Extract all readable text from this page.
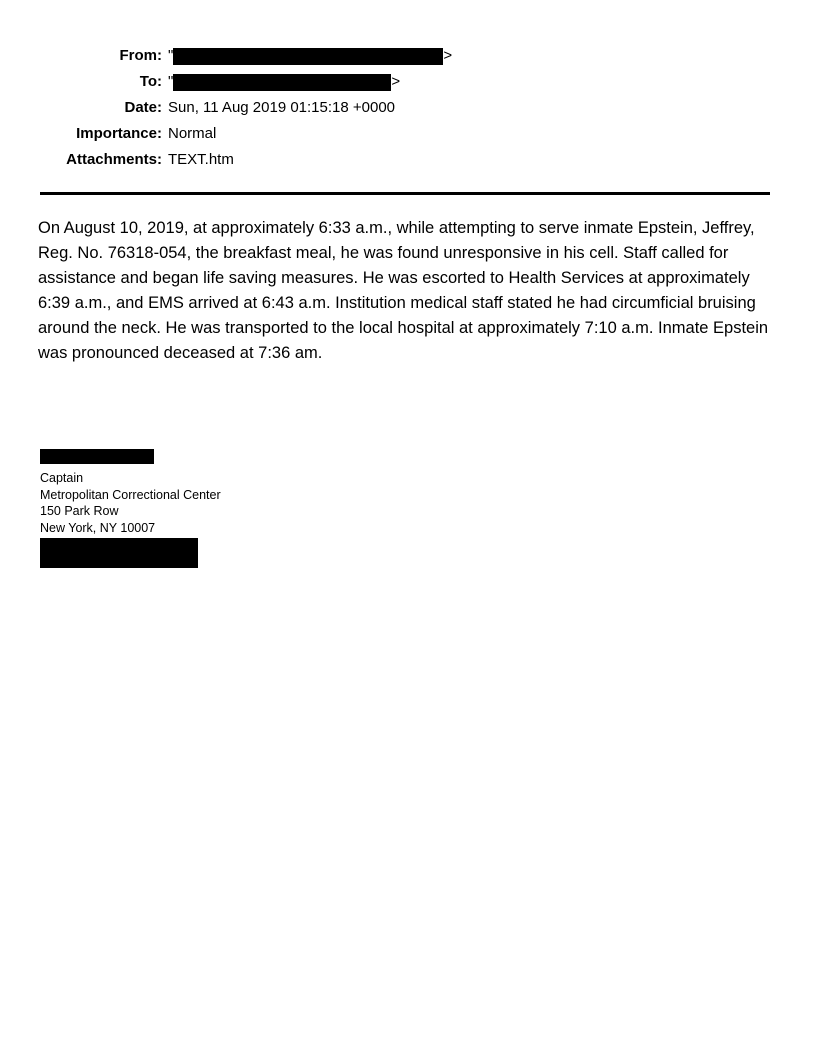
From: "	>
To: "	>
Date: Sun, 11 Aug 2019 01:15:18 +0000
Importance: Normal
Attachments: TEXT.htm
On August 10, 2019, at approximately 6:33 a.m., while attempting to serve inmate Epstein, Jeffrey, Reg. No. 76318-054, the breakfast meal, he was found unresponsive in his cell. Staff called for assistance and began life saving measures. He was escorted to Health Services at approximately 6:39 a.m., and EMS arrived at 6:43 a.m. Institution medical staff stated he had circumficial bruising around the neck. He was transported to the local hospital at approximately 7:10 a.m. Inmate Epstein was pronounced deceased at 7:36 am.
Captain
Metropolitan Correctional Center
150 Park Row
New York, NY 10007
